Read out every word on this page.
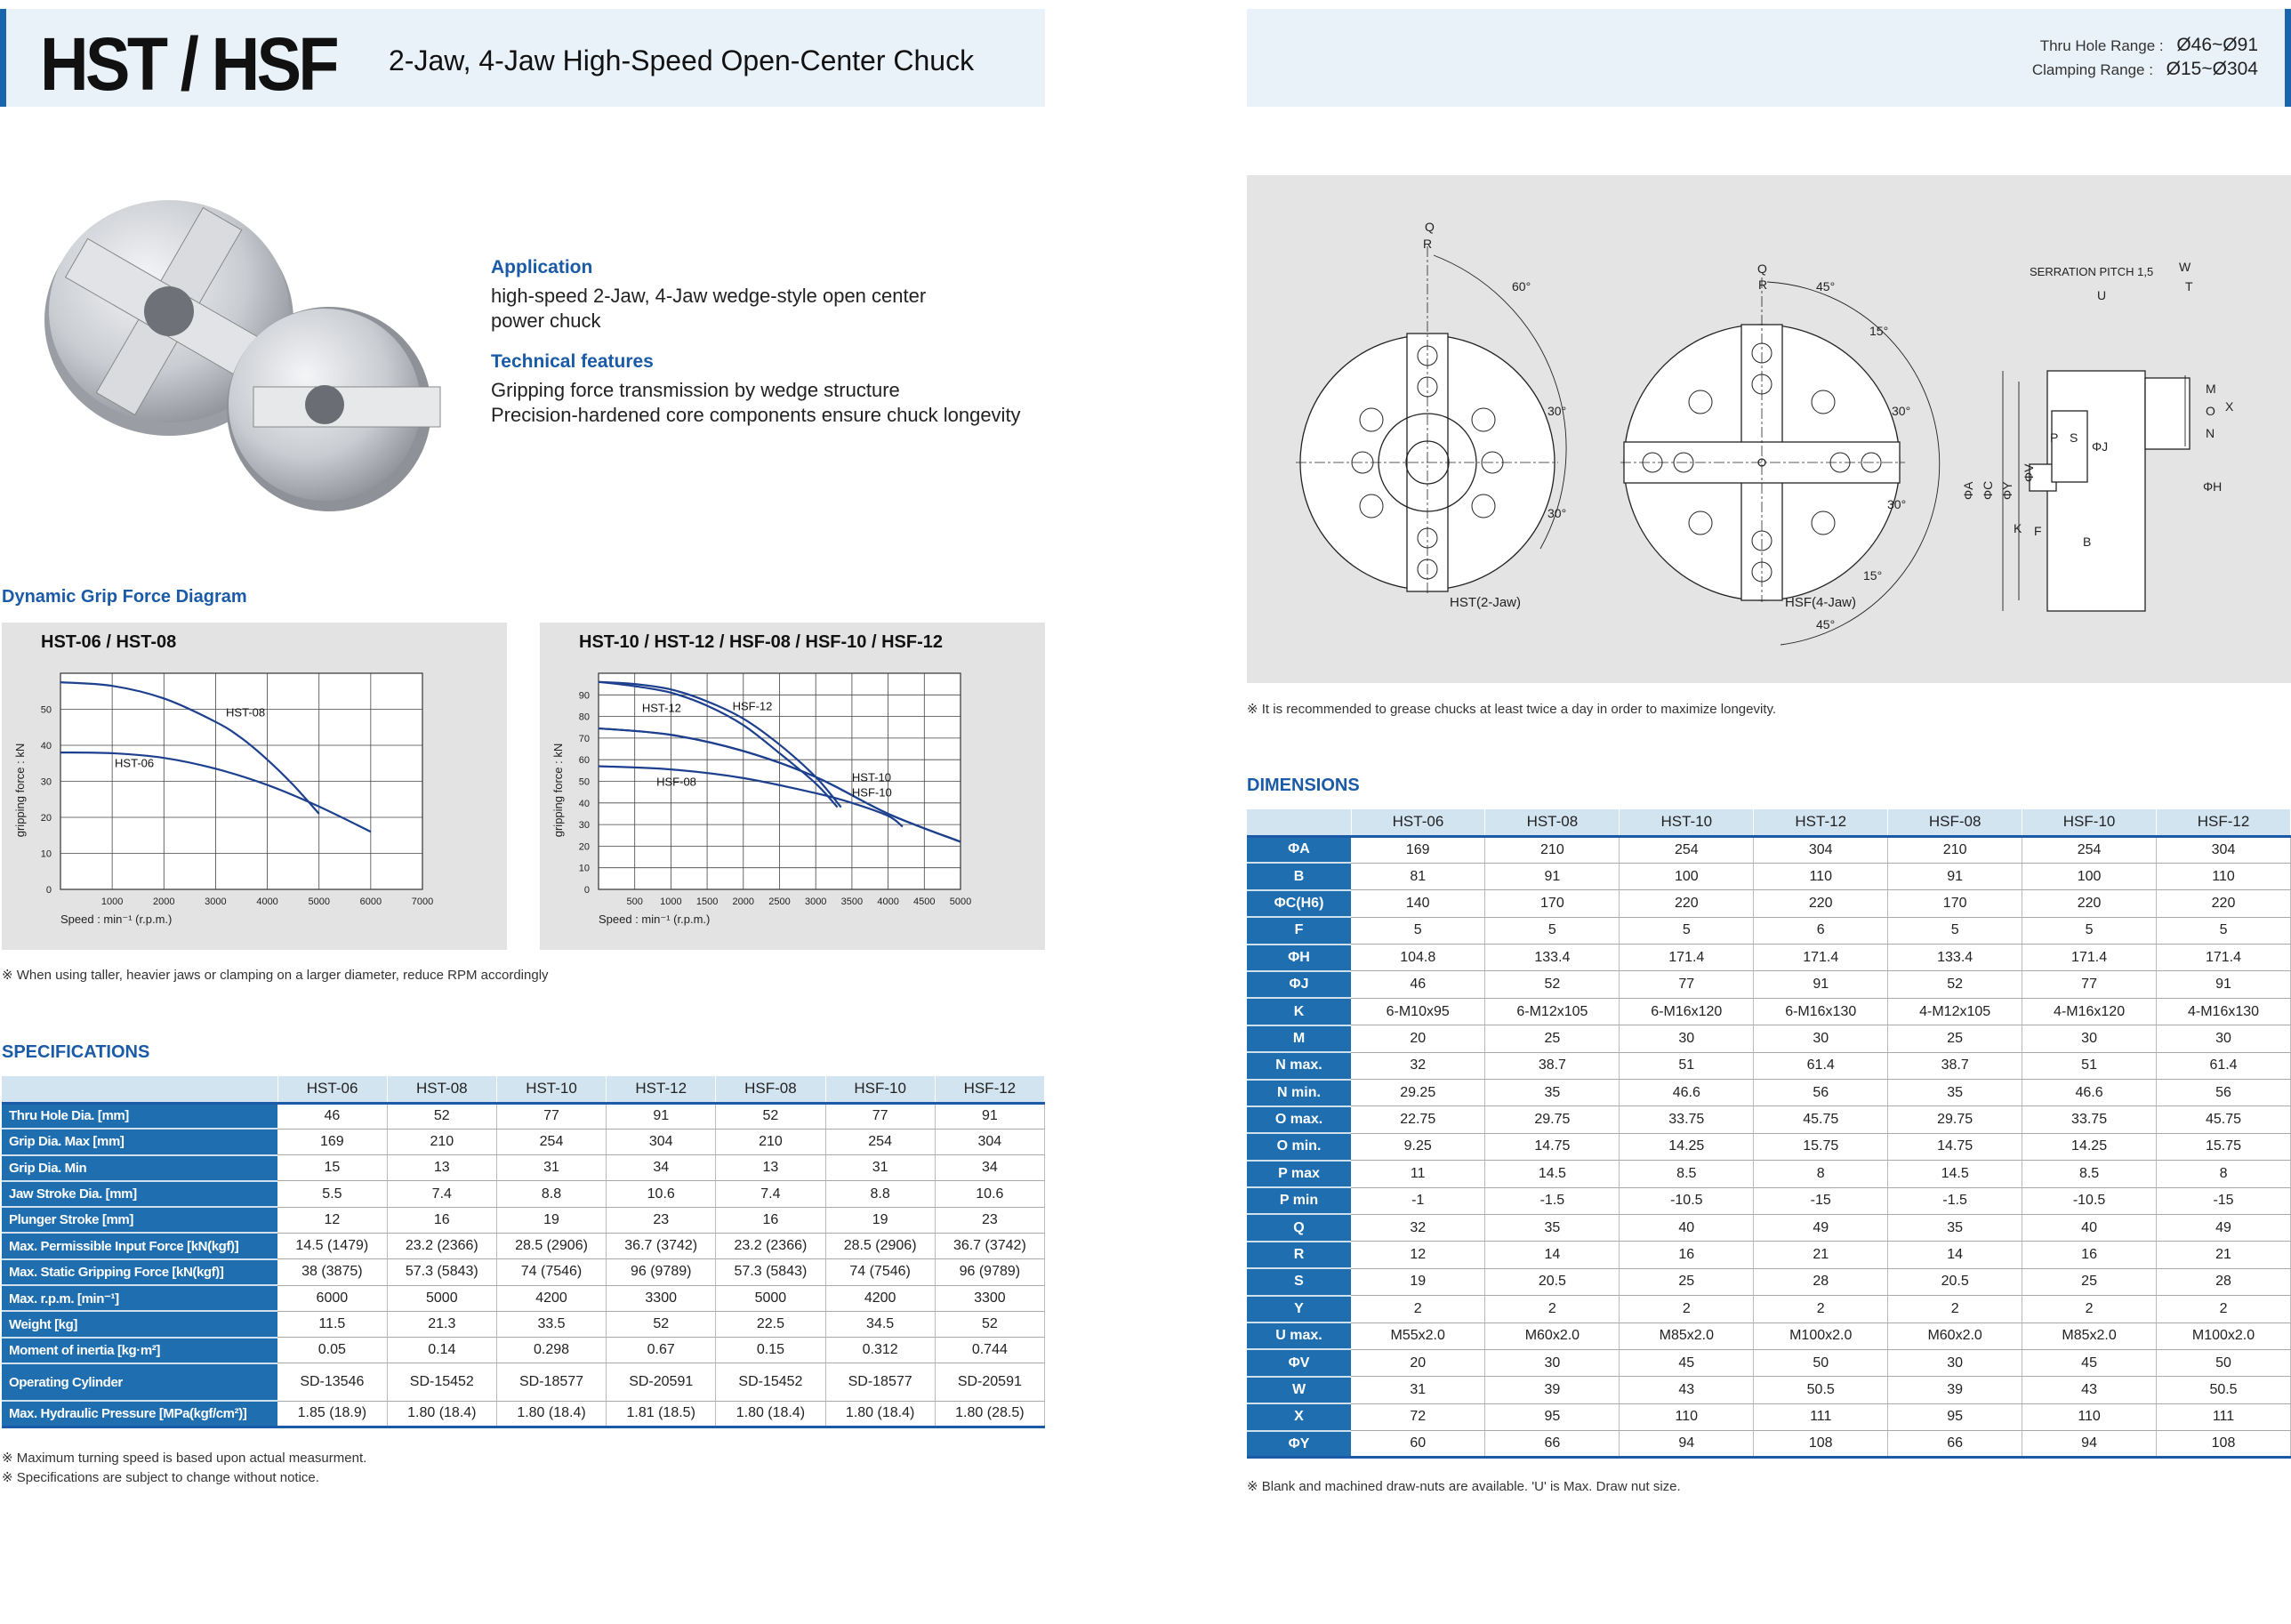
HST / HSF 2-Jaw, 4-Jaw High-Speed Open-Center Chuck	Thru Hole Range : Ø46~Ø91
Clamping Range : Ø15~Ø304
Application
high-speed 2-Jaw, 4-Jaw wedge-style open center
power chuck
Technical features
Gripping force transmission by wedge structure
Precision-hardened core components ensure chuck longevity
Dynamic Grip Force Diagram
HST-06 / HST-08
1000	2000	3000	4000	5000	6000	7000
0
10
20
30
40
50
Speed : min⁻¹ (r.p.m.)
gripping force : kN
HST-08
HST-06
HST-10 / HST-12 / HSF-08 / HSF-10 / HSF-12
500 1000 1500 2000 2500 3000 3500 4000 4500 5000
0
10
20
30
40
50
60
70
80
90
Speed : min⁻¹ (r.p.m.)
gripping force : kN
HST-12	HSF-12
HST-10
HSF-10
HSF-08
※ When using taller, heavier jaws or clamping on a larger diameter, reduce RPM accordingly
SPECIFICATIONS
	HST-06	HST-08	HST-10	HST-12	HSF-08	HSF-10	HSF-12
Thru Hole Dia. [mm]	46	52	77	91	52	77	91
Grip Dia. Max [mm]	169	210	254	304	210	254	304
Grip Dia. Min	15	13	31	34	13	31	34
Jaw Stroke Dia. [mm]	5.5	7.4	8.8	10.6	7.4	8.8	10.6
Plunger Stroke [mm]	12	16	19	23	16	19	23
Max. Permissible Input Force [kN(kgf)]	14.5 (1479)	23.2 (2366)	28.5 (2906)	36.7 (3742)	23.2 (2366)	28.5 (2906)	36.7 (3742)
Max. Static Gripping Force [kN(kgf)]	38 (3875)	57.3 (5843)	74 (7546)	96 (9789)	57.3 (5843)	74 (7546)	96 (9789)
Max. r.p.m. [min⁻¹]	6000	5000	4200	3300	5000	4200	3300
Weight [kg]	11.5	21.3	33.5	52	22.5	34.5	52
Moment of inertia [kg·m²]	0.05	0.14	0.298	0.67	0.15	0.312	0.744
Operating Cylinder	SD-13546	SD-15452	SD-18577	SD-20591	SD-15452	SD-18577	SD-20591
Max. Hydraulic Pressure [MPa(kgf/cm²)]	1.85 (18.9)	1.80 (18.4)	1.80 (18.4)	1.81 (18.5)	1.80 (18.4)	1.80 (18.4)	1.80 (28.5)
※ Maximum turning speed is based upon actual measurment.
※ Specifications are subject to change without notice.
Q
R
60°
30°
30°
HST(2-Jaw)
Q
R	45°
15°
30°
30°
15°
45°
HSF(4-Jaw)
SERRATION PITCH 1,5
U
W
T
M
O
N
X
P S
ΦA ΦC ΦY
ΦV
ΦJ
ΦH
K F
B
※ It is recommended to grease chucks at least twice a day in order to maximize longevity.
DIMENSIONS
	HST-06	HST-08	HST-10	HST-12	HSF-08	HSF-10	HSF-12
ΦA	169	210	254	304	210	254	304
B	81	91	100	110	91	100	110
ΦC(H6)	140	170	220	220	170	220	220
F	5	5	5	6	5	5	5
ΦH	104.8	133.4	171.4	171.4	133.4	171.4	171.4
ΦJ	46	52	77	91	52	77	91
K	6-M10x95	6-M12x105	6-M16x120	6-M16x130	4-M12x105	4-M16x120	4-M16x130
M	20	25	30	30	25	30	30
N max.	32	38.7	51	61.4	38.7	51	61.4
N min.	29.25	35	46.6	56	35	46.6	56
O max.	22.75	29.75	33.75	45.75	29.75	33.75	45.75
O min.	9.25	14.75	14.25	15.75	14.75	14.25	15.75
P max	11	14.5	8.5	8	14.5	8.5	8
P min	-1	-1.5	-10.5	-15	-1.5	-10.5	-15
Q	32	35	40	49	35	40	49
R	12	14	16	21	14	16	21
S	19	20.5	25	28	20.5	25	28
Y	2	2	2	2	2	2	2
U max.	M55x2.0	M60x2.0	M85x2.0	M100x2.0	M60x2.0	M85x2.0	M100x2.0
ΦV	20	30	45	50	30	45	50
W	31	39	43	50.5	39	43	50.5
X	72	95	110	111	95	110	111
ΦY	60	66	94	108	66	94	108
※ Blank and machined draw-nuts are available. 'U' is Max. Draw nut size.
